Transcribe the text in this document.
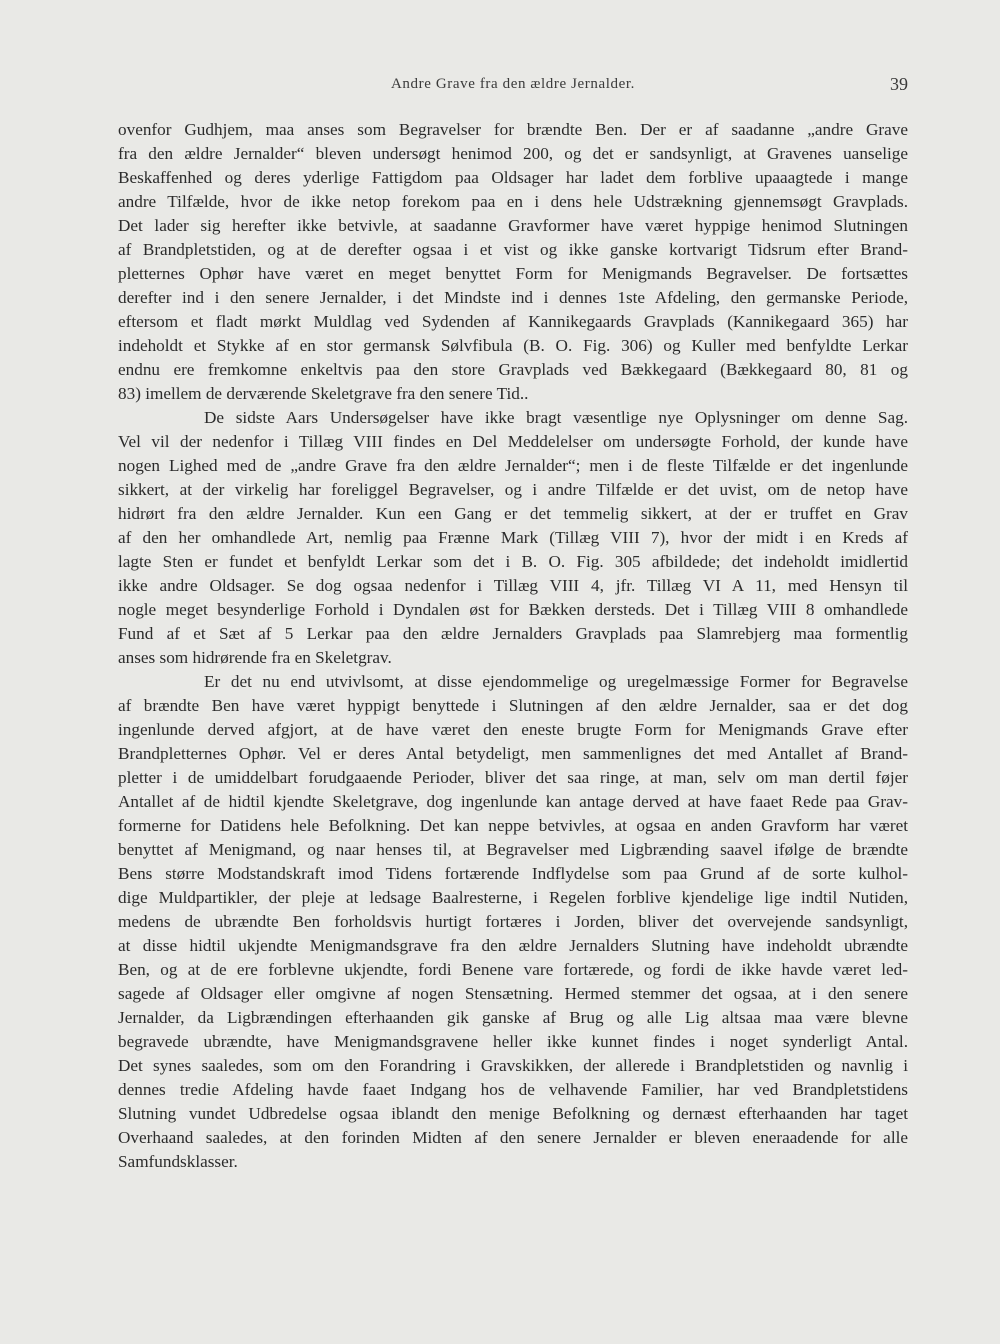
Andre Grave fra den ældre Jernalder.	39
ovenfor Gudhjem, maa anses som Begravelser for brændte Ben. Der er af saadanne „andre Grave
fra den ældre Jernalder“ bleven undersøgt henimod 200, og det er sandsynligt, at Gravenes uanselige
Beskaffenhed og deres yderlige Fattigdom paa Oldsager har ladet dem forblive upaaagtede i mange
andre Tilfælde, hvor de ikke netop forekom paa en i dens hele Udstrækning gjennemsøgt Gravplads.
Det lader sig herefter ikke betvivle, at saadanne Gravformer have været hyppige henimod Slutningen
af Brandpletstiden, og at de derefter ogsaa i et vist og ikke ganske kortvarigt Tidsrum efter Brand-
pletternes Ophør have været en meget benyttet Form for Menigmands Begravelser. De fortsættes
derefter ind i den senere Jernalder, i det Mindste ind i dennes 1ste Afdeling, den germanske Periode,
eftersom et fladt mørkt Muldlag ved Sydenden af Kannikegaards Gravplads (Kannikegaard 365) har
indeholdt et Stykke af en stor germansk Sølvfibula (B. O. Fig. 306) og Kuller med benfyldte Lerkar
endnu ere fremkomne enkeltvis paa den store Gravplads ved Bækkegaard (Bækkegaard 80, 81 og
83) imellem de derværende Skeletgrave fra den senere Tid..
De sidste Aars Undersøgelser have ikke bragt væsentlige nye Oplysninger om denne Sag.
Vel vil der nedenfor i Tillæg VIII findes en Del Meddelelser om undersøgte Forhold, der kunde have
nogen Lighed med de „andre Grave fra den ældre Jernalder“; men i de fleste Tilfælde er det ingenlunde
sikkert, at der virkelig har foreliggel Begravelser, og i andre Tilfælde er det uvist, om de netop have
hidrørt fra den ældre Jernalder. Kun een Gang er det temmelig sikkert, at der er truffet en Grav
af den her omhandlede Art, nemlig paa Frænne Mark (Tillæg VIII 7), hvor der midt i en Kreds af
lagte Sten er fundet et benfyldt Lerkar som det i B. O. Fig. 305 afbildede; det indeholdt imidlertid
ikke andre Oldsager. Se dog ogsaa nedenfor i Tillæg VIII 4, jfr. Tillæg VI A 11, med Hensyn til
nogle meget besynderlige Forhold i Dyndalen øst for Bækken dersteds. Det i Tillæg VIII 8 omhandlede
Fund af et Sæt af 5 Lerkar paa den ældre Jernalders Gravplads paa Slamrebjerg maa formentlig
anses som hidrørende fra en Skeletgrav.
Er det nu end utvivlsomt, at disse ejendommelige og uregelmæssige Former for Begravelse
af brændte Ben have været hyppigt benyttede i Slutningen af den ældre Jernalder, saa er det dog
ingenlunde derved afgjort, at de have været den eneste brugte Form for Menigmands Grave efter
Brandpletternes Ophør. Vel er deres Antal betydeligt, men sammenlignes det med Antallet af Brand-
pletter i de umiddelbart forudgaaende Perioder, bliver det saa ringe, at man, selv om man dertil føjer
Antallet af de hidtil kjendte Skeletgrave, dog ingenlunde kan antage derved at have faaet Rede paa Grav-
formerne for Datidens hele Befolkning. Det kan neppe betvivles, at ogsaa en anden Gravform har været
benyttet af Menigmand, og naar henses til, at Begravelser med Ligbrænding saavel ifølge de brændte
Bens større Modstandskraft imod Tidens fortærende Indflydelse som paa Grund af de sorte kulhol-
dige Muldpartikler, der pleje at ledsage Baalresterne, i Regelen forblive kjendelige lige indtil Nutiden,
medens de ubrændte Ben forholdsvis hurtigt fortæres i Jorden, bliver det overvejende sandsynligt,
at disse hidtil ukjendte Menigmandsgrave fra den ældre Jernalders Slutning have indeholdt ubrændte
Ben, og at de ere forblevne ukjendte, fordi Benene vare fortærede, og fordi de ikke havde været led-
sagede af Oldsager eller omgivne af nogen Stensætning. Hermed stemmer det ogsaa, at i den senere
Jernalder, da Ligbrændingen efterhaanden gik ganske af Brug og alle Lig altsaa maa være blevne
begravede ubrændte, have Menigmandsgravene heller ikke kunnet findes i noget synderligt Antal.
Det synes saaledes, som om den Forandring i Gravskikken, der allerede i Brandpletstiden og navnlig i
dennes tredie Afdeling havde faaet Indgang hos de velhavende Familier, har ved Brandpletstidens
Slutning vundet Udbredelse ogsaa iblandt den menige Befolkning og dernæst efterhaanden har taget
Overhaand saaledes, at den forinden Midten af den senere Jernalder er bleven eneraadende for alle
Samfundsklasser.
